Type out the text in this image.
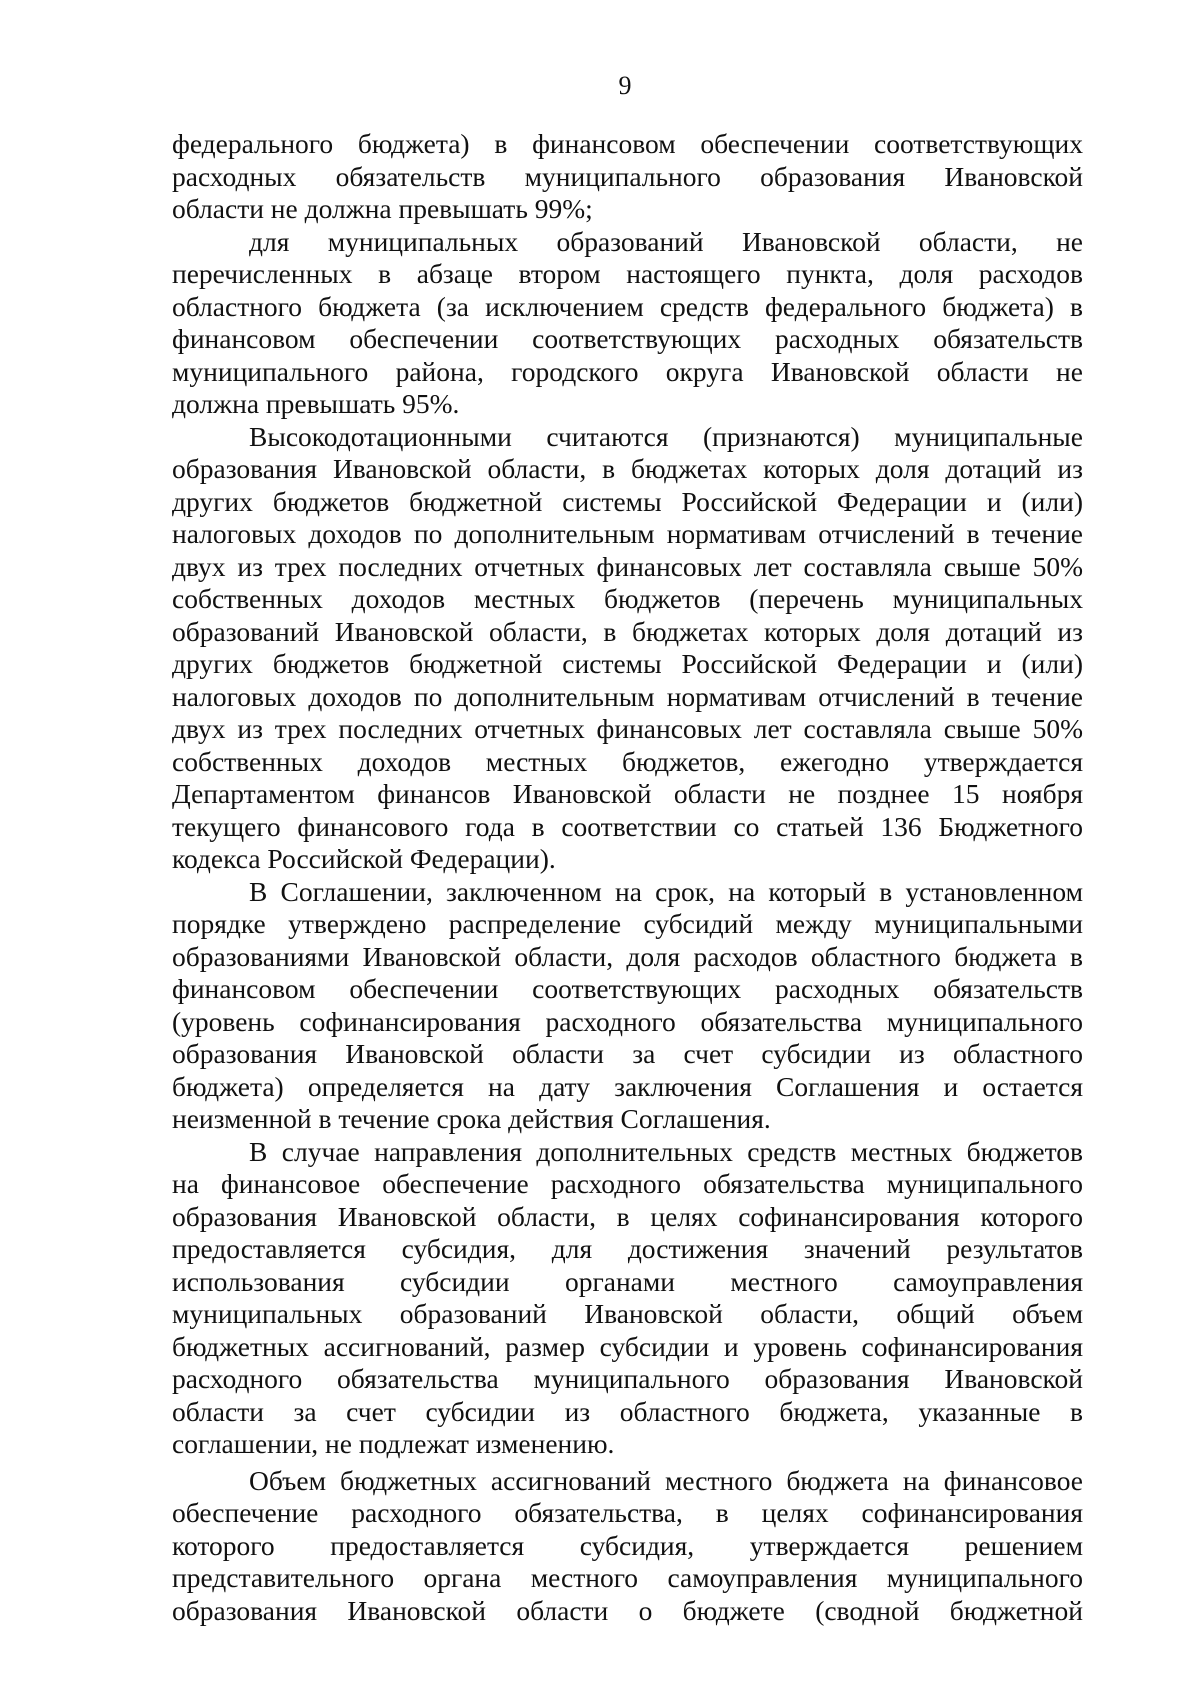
9
федерального бюджета) в финансовом обеспечении соответствующих
расходных обязательств муниципального образования Ивановской
области не должна превышать 99%;
для муниципальных образований Ивановской области, не
перечисленных в абзаце втором настоящего пункта, доля расходов
областного бюджета (за исключением средств федерального бюджета) в
финансовом обеспечении соответствующих расходных обязательств
муниципального района, городского округа Ивановской области не
должна превышать 95%.
Высокодотационными считаются (признаются) муниципальные
образования Ивановской области, в бюджетах которых доля дотаций из
других бюджетов бюджетной системы Российской Федерации и (или)
налоговых доходов по дополнительным нормативам отчислений в течение
двух из трех последних отчетных финансовых лет составляла свыше 50%
собственных доходов местных бюджетов (перечень муниципальных
образований Ивановской области, в бюджетах которых доля дотаций из
других бюджетов бюджетной системы Российской Федерации и (или)
налоговых доходов по дополнительным нормативам отчислений в течение
двух из трех последних отчетных финансовых лет составляла свыше 50%
собственных доходов местных бюджетов, ежегодно утверждается
Департаментом финансов Ивановской области не позднее 15 ноября
текущего финансового года в соответствии со статьей 136 Бюджетного
кодекса Российской Федерации).
В Соглашении, заключенном на срок, на который в установленном
порядке утверждено распределение субсидий между муниципальными
образованиями Ивановской области, доля расходов областного бюджета в
финансовом обеспечении соответствующих расходных обязательств
(уровень софинансирования расходного обязательства муниципального
образования Ивановской области за счет субсидии из областного
бюджета) определяется на дату заключения Соглашения и остается
неизменной в течение срока действия Соглашения.
В случае направления дополнительных средств местных бюджетов
на финансовое обеспечение расходного обязательства муниципального
образования Ивановской области, в целях софинансирования которого
предоставляется субсидия, для достижения значений результатов
использования субсидии органами местного самоуправления
муниципальных образований Ивановской области, общий объем
бюджетных ассигнований, размер субсидии и уровень софинансирования
расходного обязательства муниципального образования Ивановской
области за счет субсидии из областного бюджета, указанные в
соглашении, не подлежат изменению.
Объем бюджетных ассигнований местного бюджета на финансовое
обеспечение расходного обязательства, в целях софинансирования
которого предоставляется субсидия, утверждается решением
представительного органа местного самоуправления муниципального
образования Ивановской области о бюджете (сводной бюджетной
